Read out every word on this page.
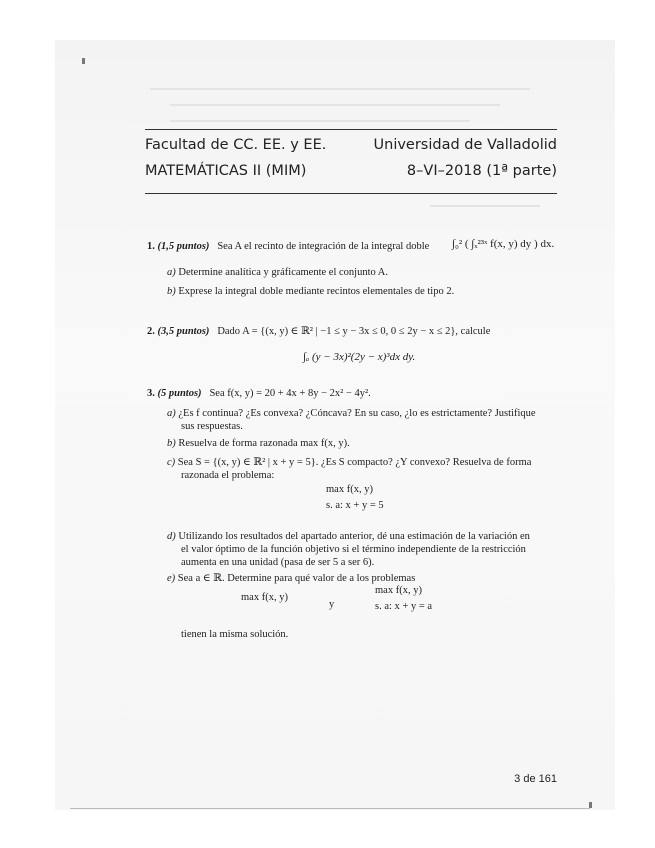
Facultad de CC. EE. y EE.	Universidad de Valladolid
MATEMÁTICAS II (MIM)	8–VI–2018 (1ª parte)
1. (1,5 puntos) Sea A el recinto de integración de la integral doble ∫₀² ( ∫ₓ²³ˣ f(x, y) dy ) dx.
a) Determine analítica y gráficamente el conjunto A.
b) Exprese la integral doble mediante recintos elementales de tipo 2.
2. (3,5 puntos) Dado A = {(x, y) ∈ ℝ² | −1 ≤ y − 3x ≤ 0, 0 ≤ 2y − x ≤ 2}, calcule
∫ₐ (y − 3x)²(2y − x)³dx dy.
3. (5 puntos) Sea f(x, y) = 20 + 4x + 8y − 2x² − 4y².
a) ¿Es f continua? ¿Es convexa? ¿Cóncava? En su caso, ¿lo es estrictamente? Justifique
sus respuestas.
b) Resuelva de forma razonada max f(x, y).
c) Sea S = {(x, y) ∈ ℝ² | x + y = 5}. ¿Es S compacto? ¿Y convexo? Resuelva de forma
razonada el problema:
max f(x, y)
s. a: x + y = 5
d) Utilizando los resultados del apartado anterior, dé una estimación de la variación en
el valor óptimo de la función objetivo si el término independiente de la restricción
aumenta en una unidad (pasa de ser 5 a ser 6).
e) Sea a ∈ ℝ. Determine para qué valor de a los problemas
max f(x, y)
y
max f(x, y)
s. a: x + y = a
tienen la misma solución.
3 de 161
